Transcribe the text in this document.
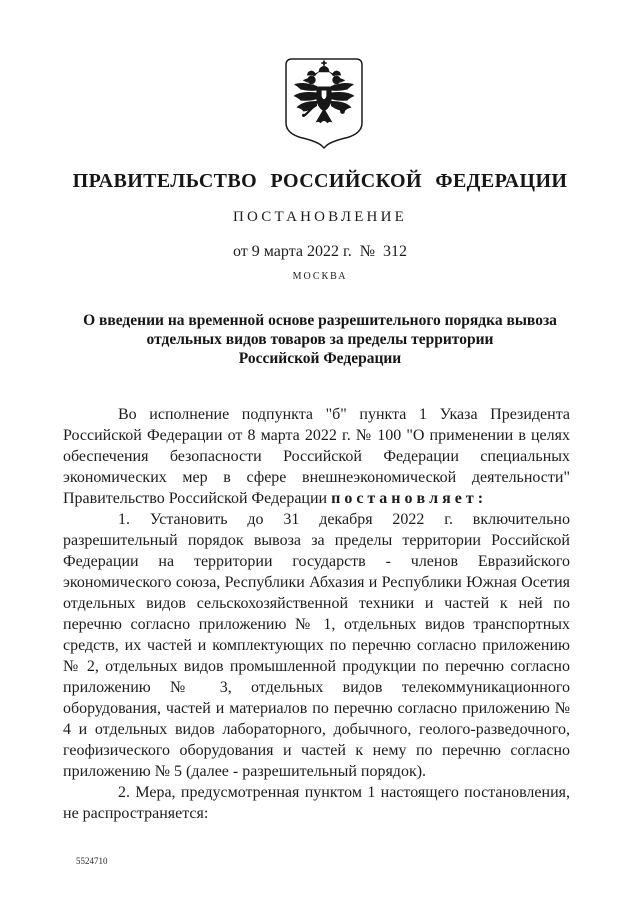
ПРАВИТЕЛЬСТВО РОССИЙСКОЙ ФЕДЕРАЦИИ
ПОСТАНОВЛЕНИЕ
от 9 марта 2022 г.  №  312
МОСКВА
О введении на временной основе разрешительного порядка вывоза
отдельных видов товаров за пределы территории
Российской Федерации

Во исполнение подпункта "б" пункта 1 Указа Президента Российской Федерации от 8 марта 2022 г. № 100 "О применении в целях обеспечения безопасности Российской Федерации специальных экономических мер в сфере внешнеэкономической деятельности" Правительство Российской Федерации п о с т а н о в л я е т :

1. Установить до 31 декабря 2022 г. включительно разрешительный порядок вывоза за пределы территории Российской Федерации на территории государств - членов Евразийского экономического союза, Республики Абхазия и Республики Южная Осетия отдельных видов сельскохозяйственной техники и частей к ней по перечню согласно приложению № 1, отдельных видов транспортных средств, их частей и комплектующих по перечню согласно приложению № 2, отдельных видов промышленной продукции по перечню согласно приложению № 3, отдельных видов телекоммуникационного оборудования, частей и материалов по перечню согласно приложению № 4 и отдельных видов лабораторного, добычного, геолого-разведочного, геофизического оборудования и частей к нему по перечню согласно приложению № 5 (далее - разрешительный порядок).

2. Мера, предусмотренная пунктом 1 настоящего постановления, не распространяется:

5524710
